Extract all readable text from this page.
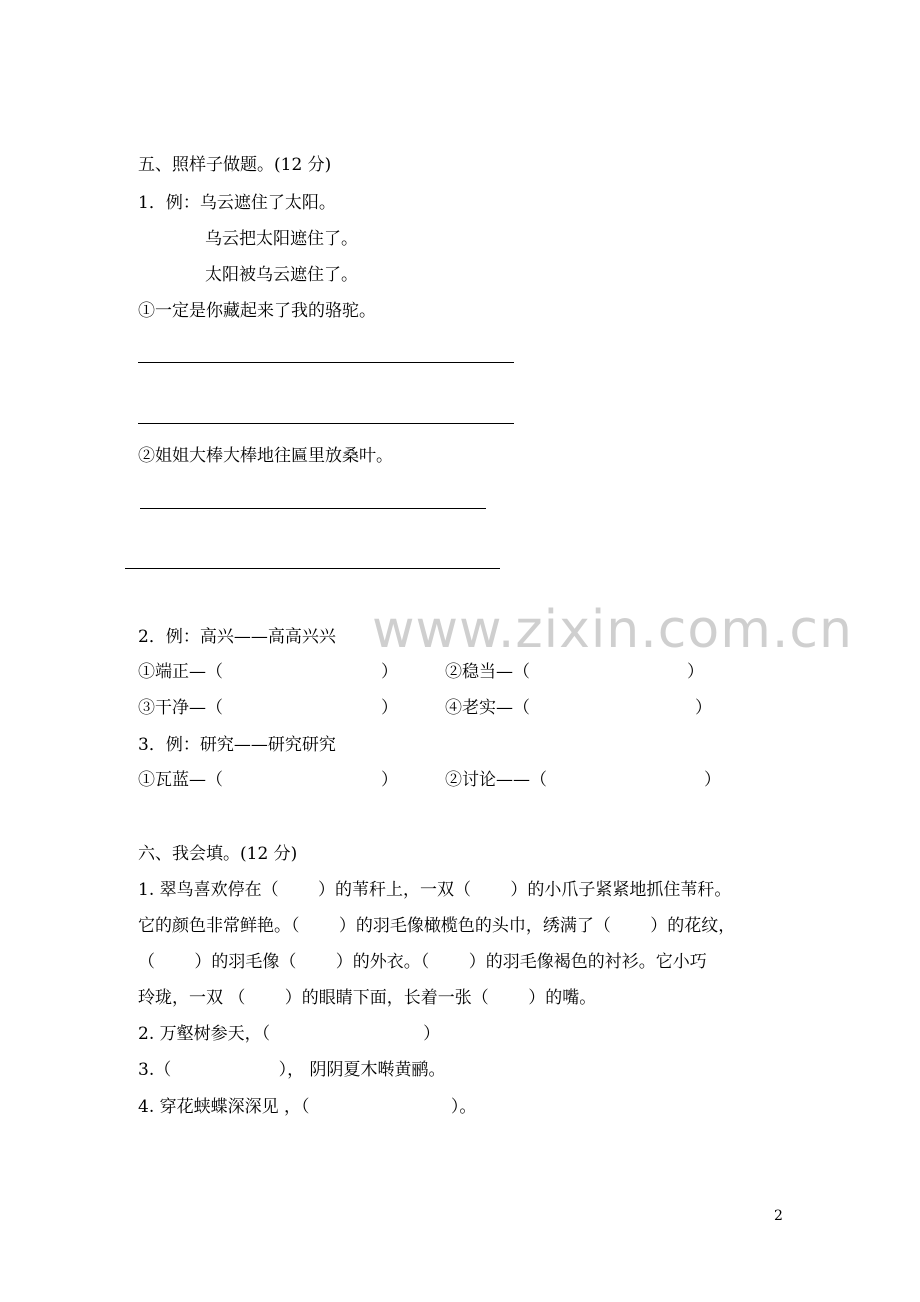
www.zixin.com.cn
五、照样子做题。(12 分)
1．例：乌云遮住了太阳。
乌云把太阳遮住了。
太阳被乌云遮住了。
①一定是你藏起来了我的骆驼。
②姐姐大棒大棒地往匾里放桑叶。
2．例：高兴——高高兴兴
①端正—（	）	②稳当—（	）
③干净—（	）	④老实—（	）
3．例：研究——研究研究
①瓦蓝—（	）	②讨论——（	）
六、我会填。(12 分)
1. 翠鸟喜欢停在（　　 ）的苇秆上，一双（　　 ）的小爪子紧紧地抓住苇秆。
它的颜色非常鲜艳。（　　 ）的羽毛像橄榄色的头巾，绣满了（　　 ）的花纹，
（　　 ）的羽毛像（　　 ）的外衣。（　　 ）的羽毛像褐色的衬衫。它小巧
玲珑，一双 （　　 ）的眼睛下面，长着一张（　　 ）的嘴。
2. 万壑树参天，（　　　　　　　　　）
3.（　　　　　　 ）， 阴阴夏木啭黄鹂。
4. 穿花蛱蝶深深见 ，（　　　　　　　　 ）。
2
